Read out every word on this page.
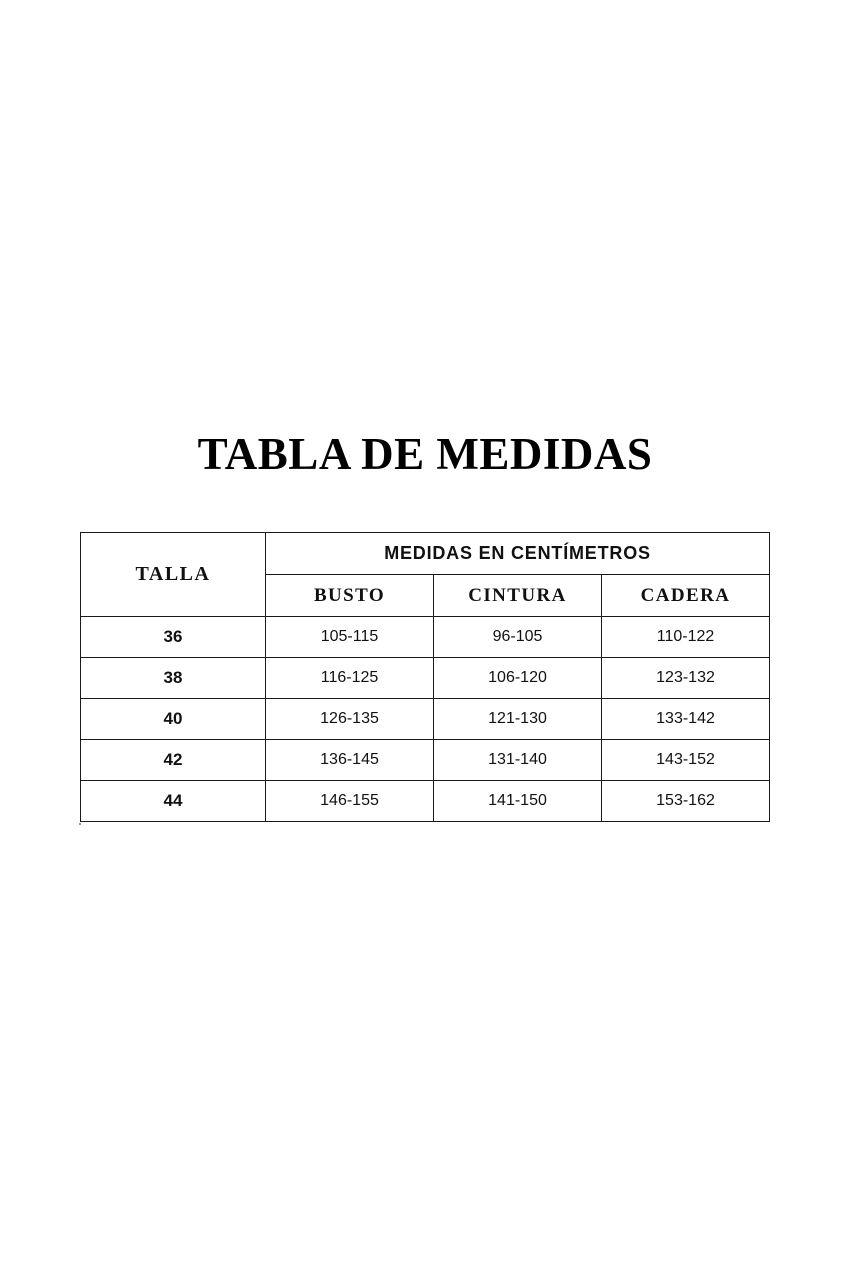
TABLA DE MEDIDAS
TALLA	MEDIDAS EN CENTÍMETROS		
	BUSTO	CINTURA	CADERA
36	105-115	96-105	110-122
38	116-125	106-120	123-132
40	126-135	121-130	133-142
42	136-145	131-140	143-152
44	146-155	141-150	153-162
